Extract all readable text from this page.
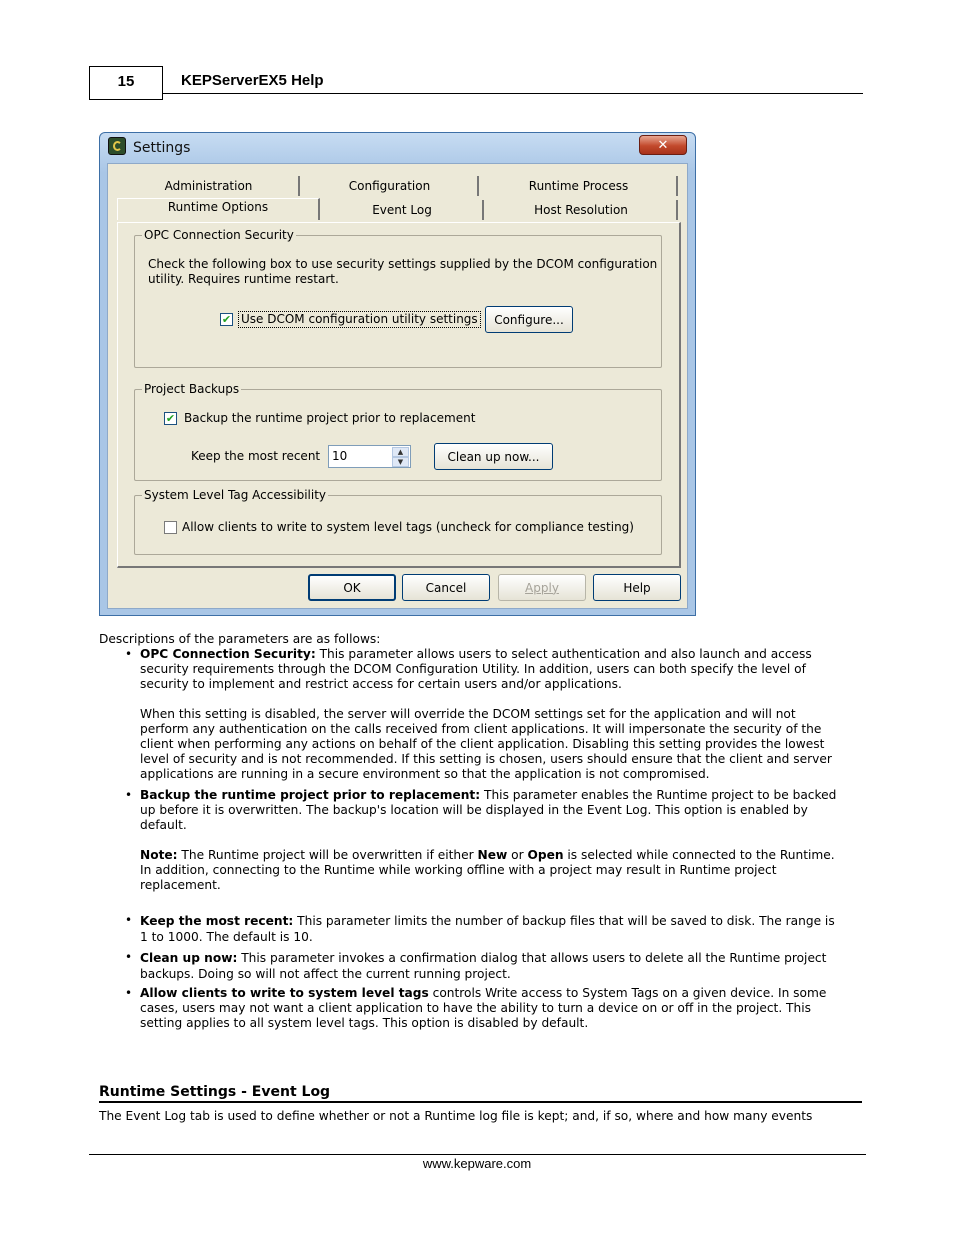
15	KEPServerEX5 Help
Settings	✕
Administration	Configuration	Runtime Process
Runtime Options	Event Log	Host Resolution
OPC Connection Security
Check the following box to use security settings supplied by the DCOM configuration
utility. Requires runtime restart.
✔ Use DCOM configuration utility settings Configure...
Project Backups
✔ Backup the runtime project prior to replacement
Keep the most recent 10	▲
▼	Clean up now...
System Level Tag Accessibility
Allow clients to write to system level tags (uncheck for compliance testing)
OK	Cancel	Apply	Help
Descriptions of the parameters are as follows:
• OPC Connection Security: This parameter allows users to select authentication and also launch and access
security requirements through the DCOM Configuration Utility. In addition, users can both specify the level of
security to implement and restrict access for certain users and/or applications.
When this setting is disabled, the server will override the DCOM settings set for the application and will not
perform any authentication on the calls received from client applications. It will impersonate the security of the
client when performing any actions on behalf of the client application. Disabling this setting provides the lowest
level of security and is not recommended. If this setting is chosen, users should ensure that the client and server
applications are running in a secure environment so that the application is not compromised.
• Backup the runtime project prior to replacement: This parameter enables the Runtime project to be backed
up before it is overwritten. The backup's location will be displayed in the Event Log. This option is enabled by
default.
Note: The Runtime project will be overwritten if either New or Open is selected while connected to the Runtime.
In addition, connecting to the Runtime while working offline with a project may result in Runtime project
replacement.
• Keep the most recent: This parameter limits the number of backup files that will be saved to disk. The range is
1 to 1000. The default is 10.
• Clean up now: This parameter invokes a confirmation dialog that allows users to delete all the Runtime project
backups. Doing so will not affect the current running project.
• Allow clients to write to system level tags controls Write access to System Tags on a given device. In some
cases, users may not want a client application to have the ability to turn a device on or off in the project. This
setting applies to all system level tags. This option is disabled by default.
Runtime Settings - Event Log
The Event Log tab is used to define whether or not a Runtime log file is kept; and, if so, where and how many events
www.kepware.com
